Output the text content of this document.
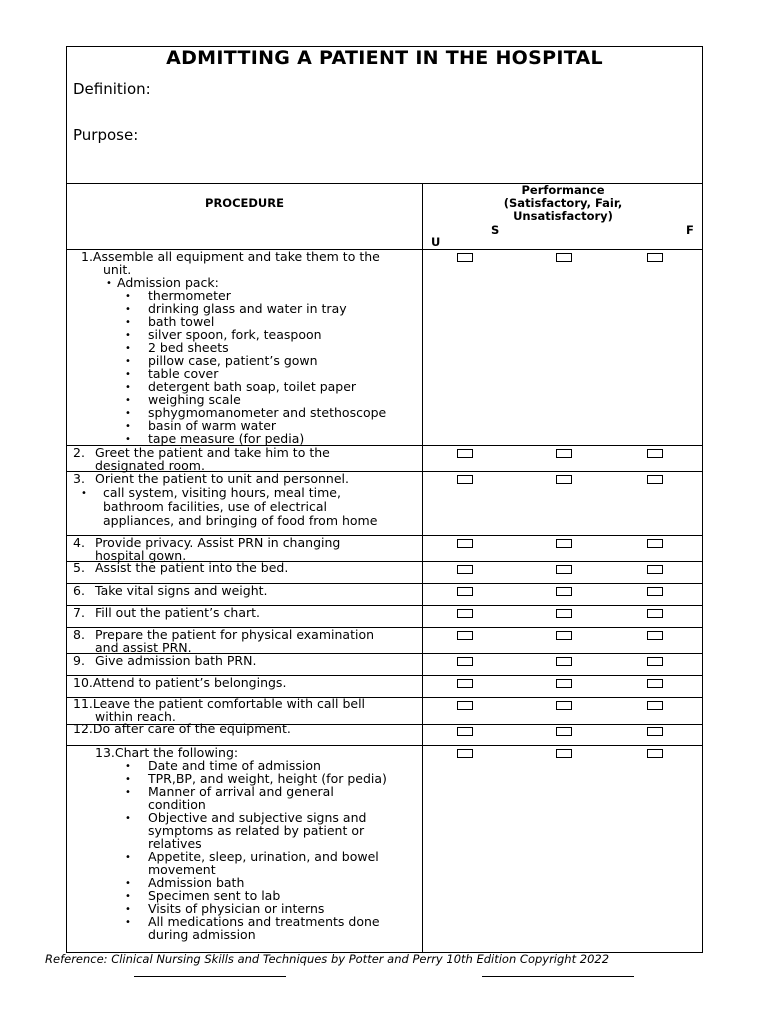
ADMITTING A PATIENT IN THE HOSPITAL
Definition:
Purpose:
PROCEDURE
Performance
(Satisfactory, Fair,
Unsatisfactory)
S	F
U
1.Assemble all equipment and take them to the
unit.
• Admission pack:
• thermometer
• drinking glass and water in tray
• bath towel
• silver spoon, fork, teaspoon
• 2 bed sheets
• pillow case, patient’s gown
• table cover
• detergent bath soap, toilet paper
• weighing scale
• sphygmomanometer and stethoscope
• basin of warm water
• tape measure (for pedia)
2. Greet the patient and take him to the
designated room.
3. Orient the patient to unit and personnel.
• call system, visiting hours, meal time,
bathroom facilities, use of electrical
appliances, and bringing of food from home
4. Provide privacy. Assist PRN in changing
hospital gown.
5. Assist the patient into the bed.
6. Take vital signs and weight.
7. Fill out the patient’s chart.
8. Prepare the patient for physical examination
and assist PRN.
9. Give admission bath PRN.
10.Attend to patient’s belongings.
11.Leave the patient comfortable with call bell
within reach.
12.Do after care of the equipment.
13.Chart the following:
• Date and time of admission
• TPR,BP, and weight, height (for pedia)
• Manner of arrival and general
condition
• Objective and subjective signs and
symptoms as related by patient or
relatives
• Appetite, sleep, urination, and bowel
movement
• Admission bath
• Specimen sent to lab
• Visits of physician or interns
• All medications and treatments done
during admission
Reference: Clinical Nursing Skills and Techniques by Potter and Perry 10th Edition Copyright 2022
